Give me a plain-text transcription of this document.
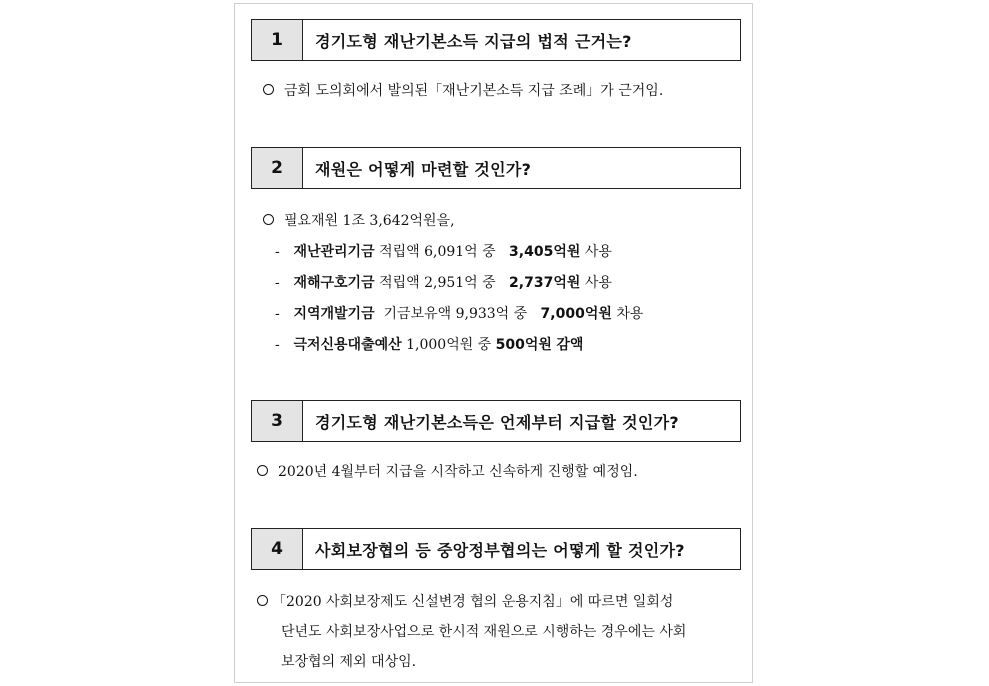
1	경기도형 재난기본소득 지급의 법적 근거는?
금회 도의회에서 발의된「재난기본소득 지급 조례」가 근거임.
2	재원은 어떻게 마련할 것인가?
필요재원 1조 3,642억원을,
- 재난관리기금 적립액 6,091억 중 3,405억원 사용
- 재해구호기금 적립액 2,951억 중 2,737억원 사용
- 지역개발기금 기금보유액 9,933억 중 7,000억원 차용
- 극저신용대출예산 1,000억원 중 500억원 감액
3	경기도형 재난기본소득은 언제부터 지급할 것인가?
2020년 4월부터 지급을 시작하고 신속하게 진행할 예정임.
4	사회보장협의 등 중앙정부협의는 어떻게 할 것인가?
「2020 사회보장제도 신설변경 협의 운용지침」에 따르면 일회성
단년도 사회보장사업으로 한시적 재원으로 시행하는 경우에는 사회
보장협의 제외 대상임.
